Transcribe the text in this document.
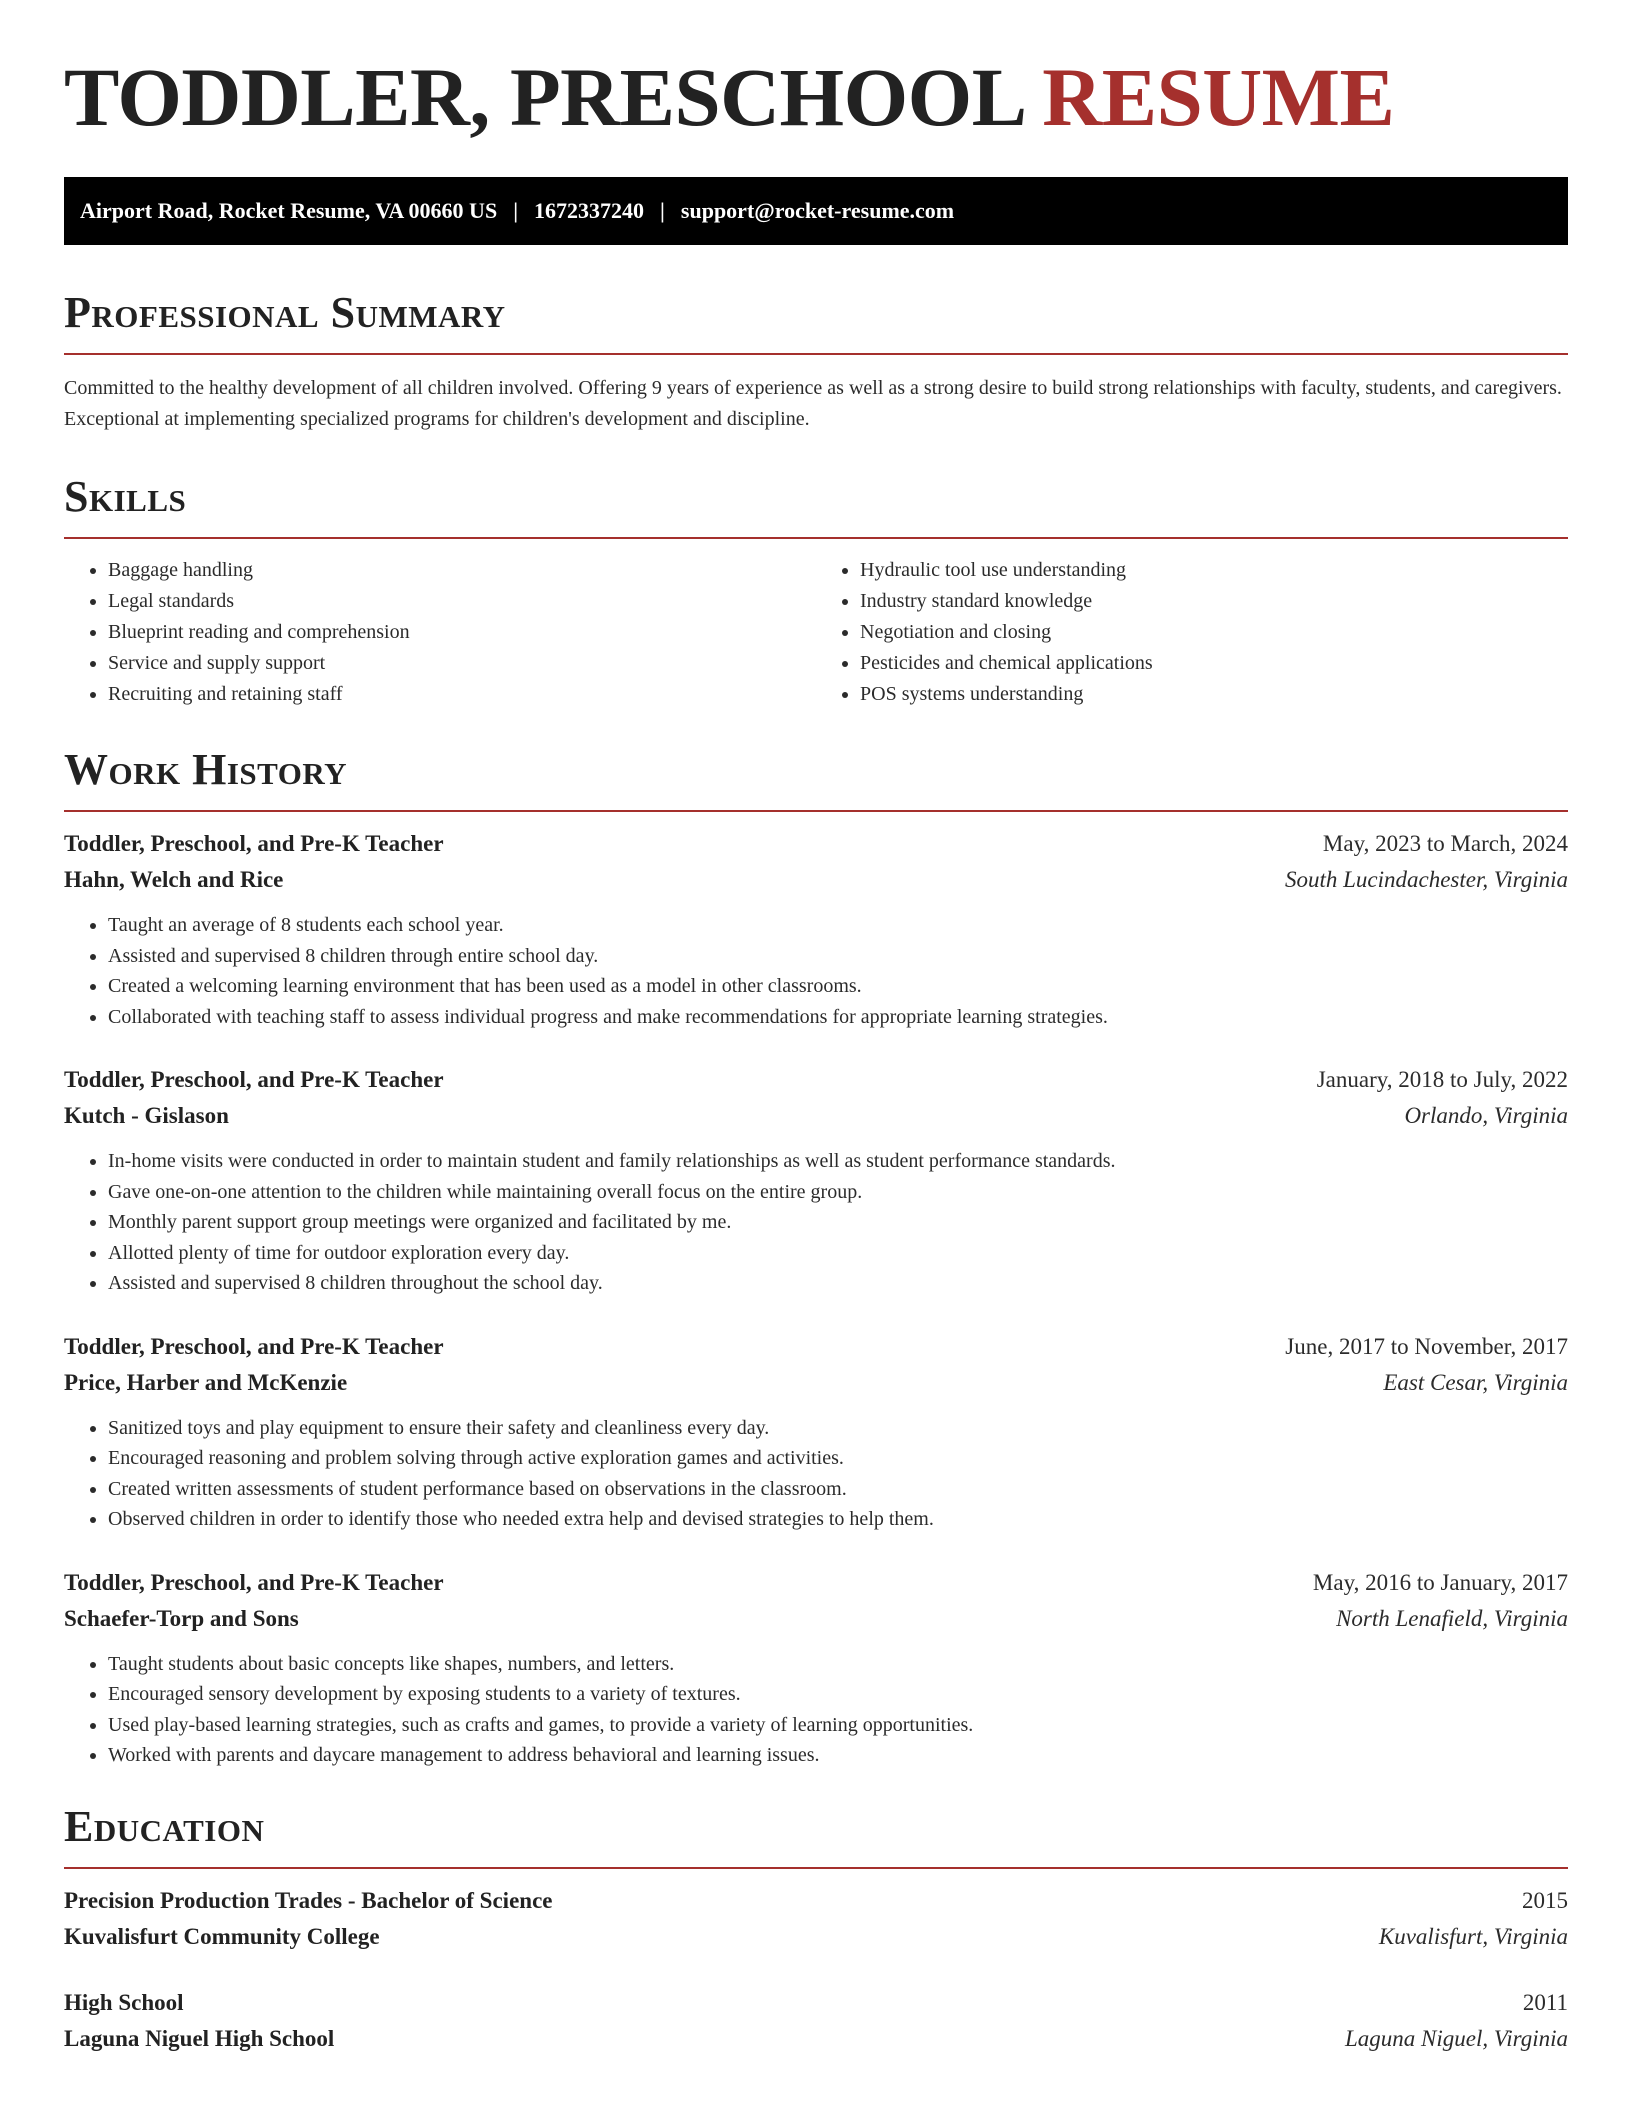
TODDLER, PRESCHOOL RESUME
Airport Road, Rocket Resume, VA 00660 US | 1672337240 | support@rocket-resume.com
Professional Summary
Committed to the healthy development of all children involved. Offering 9 years of experience as well as a strong desire to build strong relationships with faculty, students, and caregivers. Exceptional at implementing specialized programs for children's development and discipline.
Skills
• Baggage handling
• Legal standards
• Blueprint reading and comprehension
• Service and supply support
• Recruiting and retaining staff
• Hydraulic tool use understanding
• Industry standard knowledge
• Negotiation and closing
• Pesticides and chemical applications
• POS systems understanding
Work History
Toddler, Preschool, and Pre-K Teacher	May, 2023 to March, 2024
Hahn, Welch and Rice	South Lucindachester, Virginia
• Taught an average of 8 students each school year.
• Assisted and supervised 8 children through entire school day.
• Created a welcoming learning environment that has been used as a model in other classrooms.
• Collaborated with teaching staff to assess individual progress and make recommendations for appropriate learning strategies.
Toddler, Preschool, and Pre-K Teacher	January, 2018 to July, 2022
Kutch - Gislason	Orlando, Virginia
• In-home visits were conducted in order to maintain student and family relationships as well as student performance standards.
• Gave one-on-one attention to the children while maintaining overall focus on the entire group.
• Monthly parent support group meetings were organized and facilitated by me.
• Allotted plenty of time for outdoor exploration every day.
• Assisted and supervised 8 children throughout the school day.
Toddler, Preschool, and Pre-K Teacher	June, 2017 to November, 2017
Price, Harber and McKenzie	East Cesar, Virginia
• Sanitized toys and play equipment to ensure their safety and cleanliness every day.
• Encouraged reasoning and problem solving through active exploration games and activities.
• Created written assessments of student performance based on observations in the classroom.
• Observed children in order to identify those who needed extra help and devised strategies to help them.
Toddler, Preschool, and Pre-K Teacher	May, 2016 to January, 2017
Schaefer-Torp and Sons	North Lenafield, Virginia
• Taught students about basic concepts like shapes, numbers, and letters.
• Encouraged sensory development by exposing students to a variety of textures.
• Used play-based learning strategies, such as crafts and games, to provide a variety of learning opportunities.
• Worked with parents and daycare management to address behavioral and learning issues.
Education
Precision Production Trades - Bachelor of Science	2015
Kuvalisfurt Community College	Kuvalisfurt, Virginia
High School	2011
Laguna Niguel High School	Laguna Niguel, Virginia
